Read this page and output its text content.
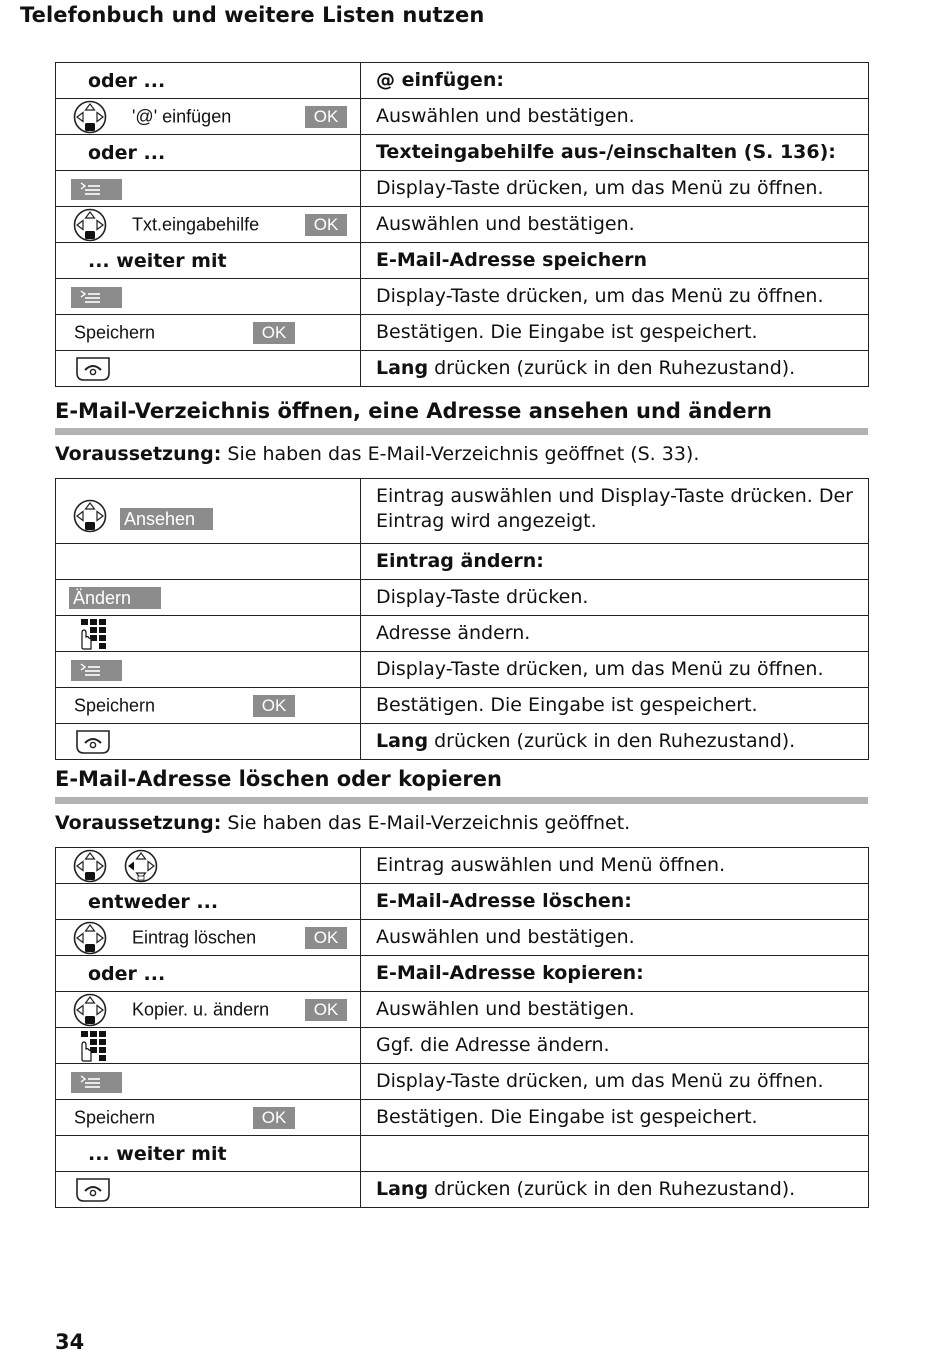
Telefonbuch und weitere Listen nutzen
oder ...	@ einfügen:

'@' einfügen OK	Auswählen und bestätigen.

oder ...	Texteingabehilfe aus-/einschalten (S. 136):

	Display-Taste drücken, um das Menü zu öffnen.

Txt.eingabehilfe OK	Auswählen und bestätigen.

... weiter mit	E-Mail-Adresse speichern

	Display-Taste drücken, um das Menü zu öffnen.

Speichern OK	Bestätigen. Die Eingabe ist gespeichert.

	Lang drücken (zurück in den Ruhezustand).
E-Mail-Verzeichnis öffnen, eine Adresse ansehen und ändern
Voraussetzung: Sie haben das E-Mail-Verzeichnis geöffnet (S. 33).
Ansehen	Eintrag auswählen und Display-Taste drücken. Der Eintrag wird angezeigt.
	Eintrag ändern:

Ändern	Display-Taste drücken.

	Adresse ändern.

	Display-Taste drücken, um das Menü zu öffnen.

Speichern OK	Bestätigen. Die Eingabe ist gespeichert.

	Lang drücken (zurück in den Ruhezustand).
E-Mail-Adresse löschen oder kopieren
Voraussetzung: Sie haben das E-Mail-Verzeichnis geöffnet.
	Eintrag auswählen und Menü öffnen.

entweder ...	E-Mail-Adresse löschen:

Eintrag löschen OK	Auswählen und bestätigen.

oder ...	E-Mail-Adresse kopieren:

Kopier. u. ändern OK	Auswählen und bestätigen.

	Ggf. die Adresse ändern.

	Display-Taste drücken, um das Menü zu öffnen.

Speichern OK	Bestätigen. Die Eingabe ist gespeichert.

... weiter mit	

	Lang drücken (zurück in den Ruhezustand).
34
